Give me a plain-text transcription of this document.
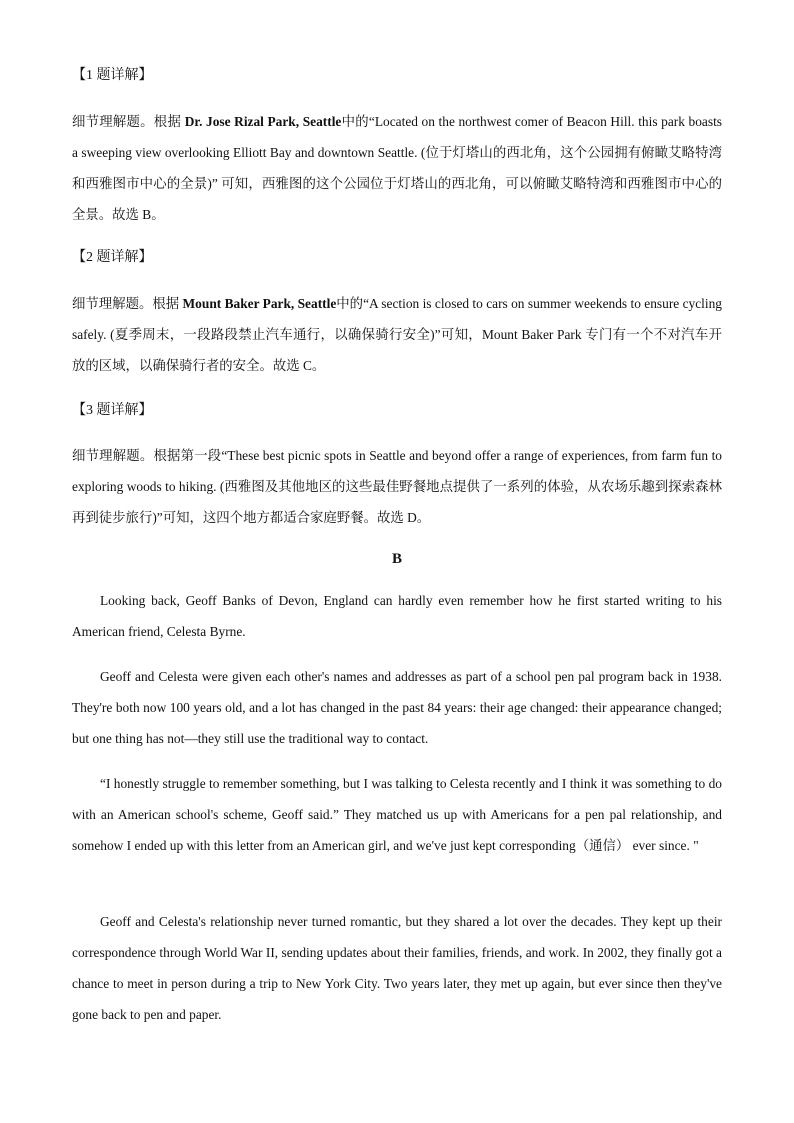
【1 题详解】
细节理解题。根据 Dr. Jose Rizal Park, Seattle中的“Located on the northwest comer of Beacon Hill. this park boasts a sweeping view overlooking Elliott Bay and downtown Seattle. (位于灯塔山的西北角，这个公园拥有俯瞰艾略特湾和西雅图市中心的全景)” 可知，西雅图的这个公园位于灯塔山的西北角，可以俯瞰艾略特湾和西雅图市中心的全景。故选 B。
【2 题详解】
细节理解题。根据 Mount Baker Park, Seattle中的“A section is closed to cars on summer weekends to ensure cycling safely. (夏季周末，一段路段禁止汽车通行，以确保骑行安全)”可知，Mount Baker Park 专门有一个不对汽车开放的区域，以确保骑行者的安全。故选 C。
【3 题详解】
细节理解题。根据第一段“These best picnic spots in Seattle and beyond offer a range of experiences, from farm fun to exploring woods to hiking. (西雅图及其他地区的这些最佳野餐地点提供了一系列的体验，从农场乐趣到探索森林再到徒步旅行)”可知，这四个地方都适合家庭野餐。故选 D。
B
Looking back, Geoff Banks of Devon, England can hardly even remember how he first started writing to his American friend, Celesta Byrne.
Geoff and Celesta were given each other's names and addresses as part of a school pen pal program back in 1938. They're both now 100 years old, and a lot has changed in the past 84 years: their age changed: their appearance changed; but one thing has not—they still use the traditional way to contact.
“I honestly struggle to remember something, but I was talking to Celesta recently and I think it was something to do with an American school's scheme, Geoff said.” They matched us up with Americans for a pen pal relationship, and somehow I ended up with this letter from an American girl, and we've just kept corresponding（通信） ever since. "
Geoff and Celesta's relationship never turned romantic, but they shared a lot over the decades. They kept up their correspondence through World War II, sending updates about their families, friends, and work. In 2002, they finally got a chance to meet in person during a trip to New York City. Two years later, they met up again, but ever since then they've gone back to pen and paper.
